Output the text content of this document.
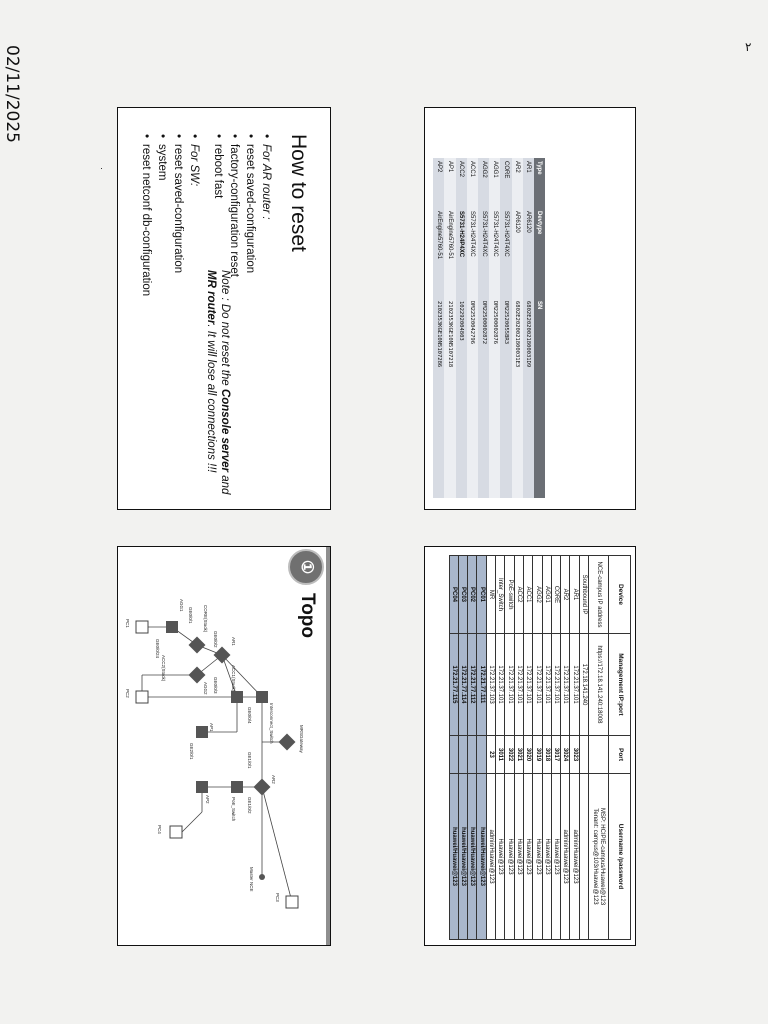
02/11/2025	٢
·
①
Topo
AGG1	CORE(Stack)
AGG2
AR1
ACC1(Stack)
Interconnect_Switch	MRSGateway
AR2
PoE_Switch
AP1
AP2
Master NCE
ACC2(Stack)
PC1
PC2
PC3
PC4
GE0/0/1
GE0/0/2
GE0/0/3
GE0/0/4
GE1/0/1
GE1/0/2
GE0/0/24
GE2/0/1
Device	Management IP:port	Port	Username /password
NCE-campus IP address	https://172.18.141.240:18008		MSP: HCIPIE-campus/Huawei@123
Tenant: campus@103/Huawei@123
Southbound IP	172.18.141.240		
AR1	172.21.37.101	3023	admin/Huawei@123
AR2	172.21.37.101	3024	admin/Huawei@123
CORE	172.21.37.101	3017	Huawei@123
AGG1	172.21.37.101	3018	Huawei@123
AGG2	172.21.37.101	3019	Huawei@123
ACC1	172.21.37.101	3020	Huawei@123
ACC2	172.21.37.101	3021	Huawei@123
PoE-switch	172.21.37.101	3022	Huawei@123
Inter_Switch	172.21.37.101	3011	Huawei@123
MR	172.21.37.103	23	admin/Huawei@123
PC01	172.21.77.111		huawei/Huawei@123
PC02	172.21.77.112		huawei/Huawei@123
PC03	172.21.77.114		huawei/Huawei@123
PC04	172.21.77.115		huawei/Huawei@123
How to reset
•For AR router :
•reset saved-configuration
•factory-configuration reset
•reboot fast
•For SW:
•reset saved-configuration
•system
•reset netconf db-configuration
Note : Do not reset the Console server and MR router. It will lose all connections !!!
Type	Devtype	SN
AR1	AR6120	6802E2020021800031D9
AR2	AR6120	6802E2020021800031E3
CORE	S5731-H24T4XC	DM22520055BR3
AGG1	S5731-H24T4XC	DM22500002876
AGG2	S5731-H24T4XC	DM22500002872
ACC1	S5731-H24T4XC	DM22520042796
ACC2	S5731-H24P4XC	102292004803
AP1	AirEngine5760-51	2102353KGE10N5107218
AP2	AirEngine5760-51	2102353KGE10N5107286
